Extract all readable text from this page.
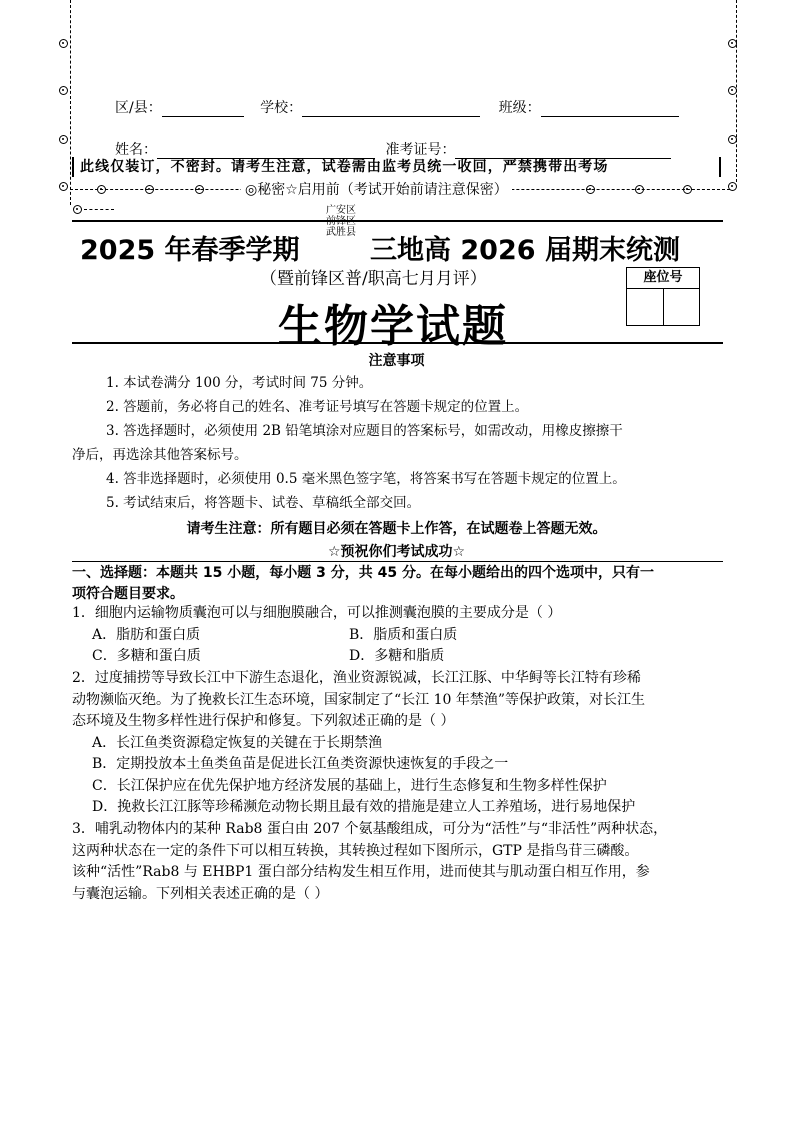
区/县：	学校：	班级：
姓名：	准考证号：
此线仅装订，不密封。请考生注意，试卷需由监考员统一收回，严禁携带出考场
◎秘密☆启用前（考试开始前请注意保密）
2025 年春季学期
广安区
前锋区
武胜县
三地高 2026 届期末统测
（暨前锋区普/职高七月月评）
生物学试题
座位号
注意事项

1. 本试卷满分 100 分，考试时间 75 分钟。

2. 答题前，务必将自己的姓名、准考证号填写在答题卡规定的位置上。

3. 答选择题时，必须使用 2B 铅笔填涂对应题目的答案标号，如需改动，用橡皮擦擦干

净后，再选涂其他答案标号。

4. 答非选择题时，必须使用 0.5 毫米黑色签字笔，将答案书写在答题卡规定的位置上。

5. 考试结束后，将答题卡、试卷、草稿纸全部交回。

请考生注意：所有题目必须在答题卡上作答，在试题卷上答题无效。
☆预祝你们考试成功☆
一、选择题：本题共 15 小题，每小题 3 分，共 45 分。在每小题给出的四个选项中，只有一
项符合题目要求。
1．细胞内运输物质囊泡可以与细胞膜融合，可以推测囊泡膜的主要成分是（ ）
A．脂肪和蛋白质	B．脂质和蛋白质
C．多糖和蛋白质	D．多糖和脂质
2．过度捕捞等导致长江中下游生态退化，渔业资源锐减，长江江豚、中华鲟等长江特有珍稀
动物濒临灭绝。为了挽救长江生态环境，国家制定了“长江 10 年禁渔”等保护政策，对长江生
态环境及生物多样性进行保护和修复。下列叙述正确的是（ ）
A．长江鱼类资源稳定恢复的关键在于长期禁渔
B．定期投放本土鱼类鱼苗是促进长江鱼类资源快速恢复的手段之一
C．长江保护应在优先保护地方经济发展的基础上，进行生态修复和生物多样性保护
D．挽救长江江豚等珍稀濒危动物长期且最有效的措施是建立人工养殖场，进行易地保护
3．哺乳动物体内的某种 Rab8 蛋白由 207 个氨基酸组成，可分为“活性”与“非活性”两种状态，
这两种状态在一定的条件下可以相互转换，其转换过程如下图所示，GTP 是指鸟苷三磷酸。
该种“活性”Rab8 与 EHBP1 蛋白部分结构发生相互作用，进而使其与肌动蛋白相互作用，参
与囊泡运输。下列相关表述正确的是（ ）
